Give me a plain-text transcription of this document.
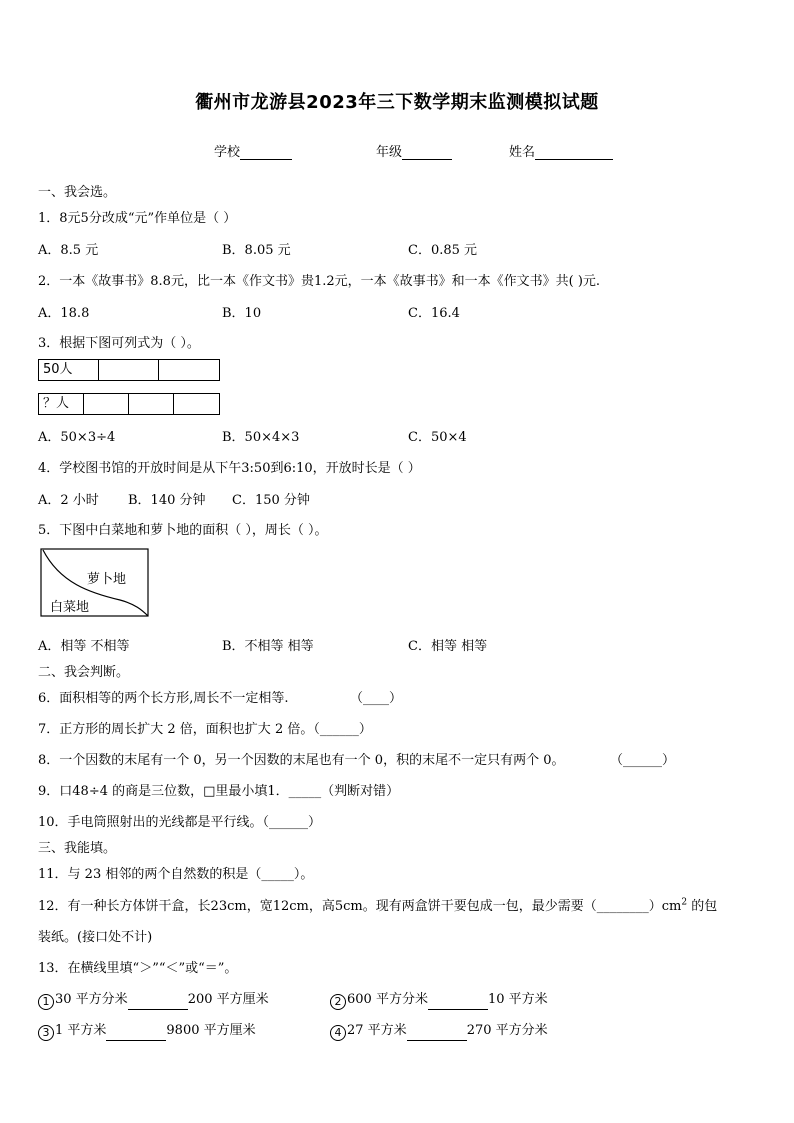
衢州市龙游县2023年三下数学期末监测模拟试题
学校	年级	姓名
一、我会选。
1．8元5分改成“元”作单位是（ ）
A．8.5 元	B．8.05 元	C．0.85 元
2．一本《故事书》8.8元，比一本《作文书》贵1.2元，一本《故事书》和一本《作文书》共( )元.
A．18.8	B．10	C．16.4
3．根据下图可列式为（ ）。
50人
？人
A．50×3÷4	B．50×4×3	C．50×4
4．学校图书馆的开放时间是从下午3:50到6:10，开放时长是（ ）
A．2 小时 B．140 分钟 C．150 分钟
5．下图中白菜地和萝卜地的面积（ ），周长（ ）。
萝卜地
白菜地
A．相等 不相等	B．不相等 相等	C．相等 相等
二、我会判断。
6．面积相等的两个长方形,周长不一定相等.	（____）
7．正方形的周长扩大 2 倍，面积也扩大 2 倍。（______）
8．一个因数的末尾有一个 0，另一个因数的末尾也有一个 0，积的末尾不一定只有两个 0。	（______）
9．口48÷4 的商是三位数，□里最小填1．_____（判断对错）
10．手电筒照射出的光线都是平行线。（______）
三、我能填。
11．与 23 相邻的两个自然数的积是（_____）。
12．有一种长方体饼干盒，长23cm，宽12cm，高5cm。现有两盒饼干要包成一包，最少需要$(\_\_\_\_\_\_\_\_)cm^2$ 的包
装纸。(接口处不计)
13．在横线里填“＞”“＜”或“＝”。
1 30 平方分米	200 平方厘米	2 600 平方分米	10 平方米
3 1 平方米	9800 平方厘米	4 27 平方米	270 平方分米
